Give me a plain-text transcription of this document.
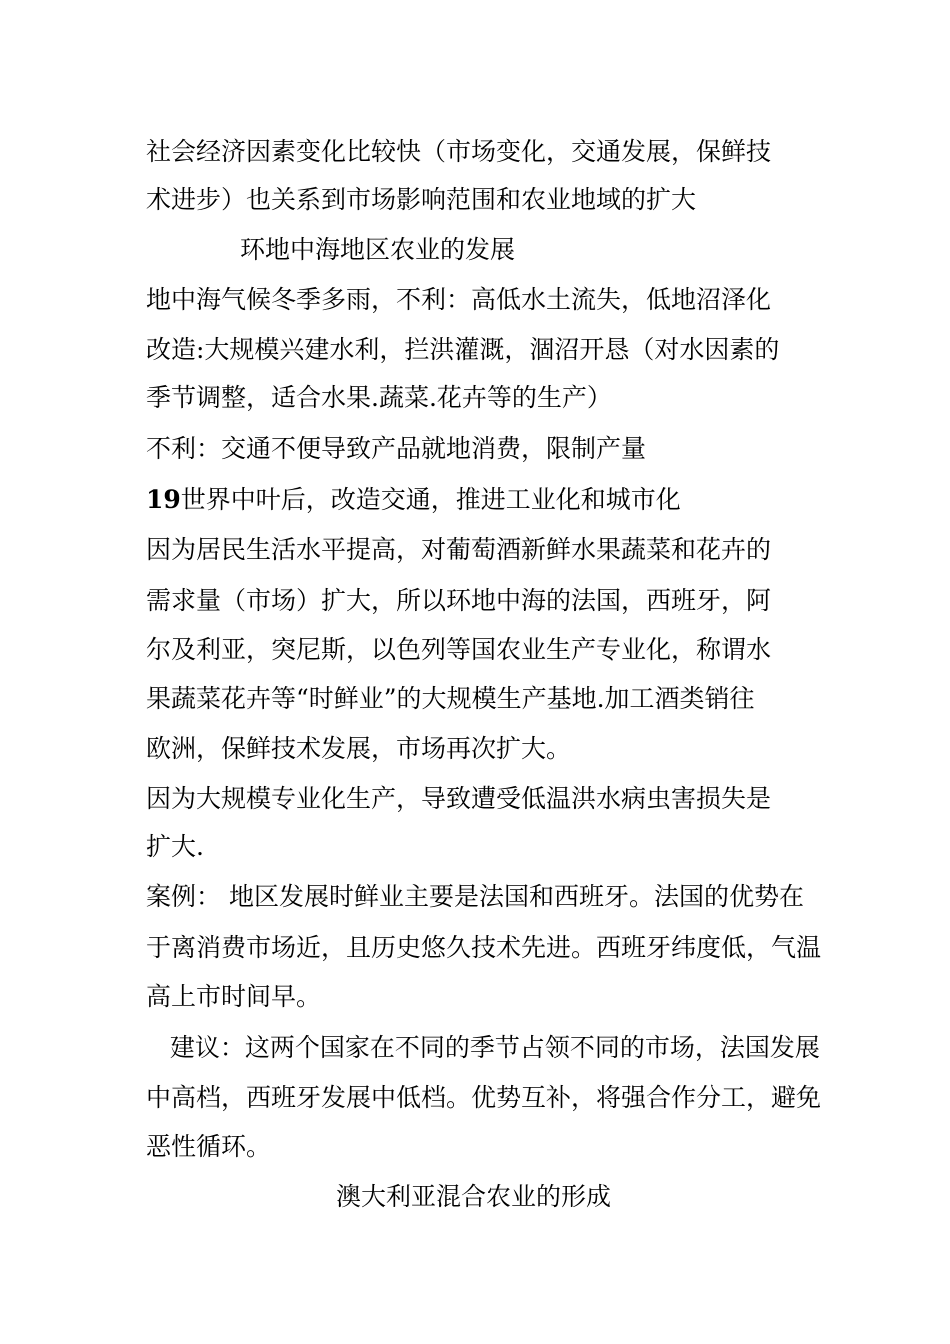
社会经济因素变化比较快（市场变化，交通发展，保鲜技
术进步）也关系到市场影响范围和农业地域的扩大
环地中海地区农业的发展
地中海气候冬季多雨，不利：高低水土流失，低地沼泽化
改造:大规模兴建水利，拦洪灌溉，涸沼开恳（对水因素的
季节调整，适合水果.蔬菜.花卉等的生产）
不利：交通不便导致产品就地消费，限制产量
19世界中叶后，改造交通，推进工业化和城市化
因为居民生活水平提高，对葡萄酒新鲜水果蔬菜和花卉的
需求量（市场）扩大，所以环地中海的法国，西班牙，阿
尔及利亚，突尼斯，以色列等国农业生产专业化，称谓水
果蔬菜花卉等“时鲜业”的大规模生产基地.加工酒类销往
欧洲，保鲜技术发展，市场再次扩大。
因为大规模专业化生产，导致遭受低温洪水病虫害损失是
扩大.
案例： 地区发展时鲜业主要是法国和西班牙。法国的优势在
于离消费市场近，且历史悠久技术先进。西班牙纬度低，气温
高上市时间早。
建议：这两个国家在不同的季节占领不同的市场，法国发展
中高档，西班牙发展中低档。优势互补，将强合作分工，避免
恶性循环。
澳大利亚混合农业的形成
